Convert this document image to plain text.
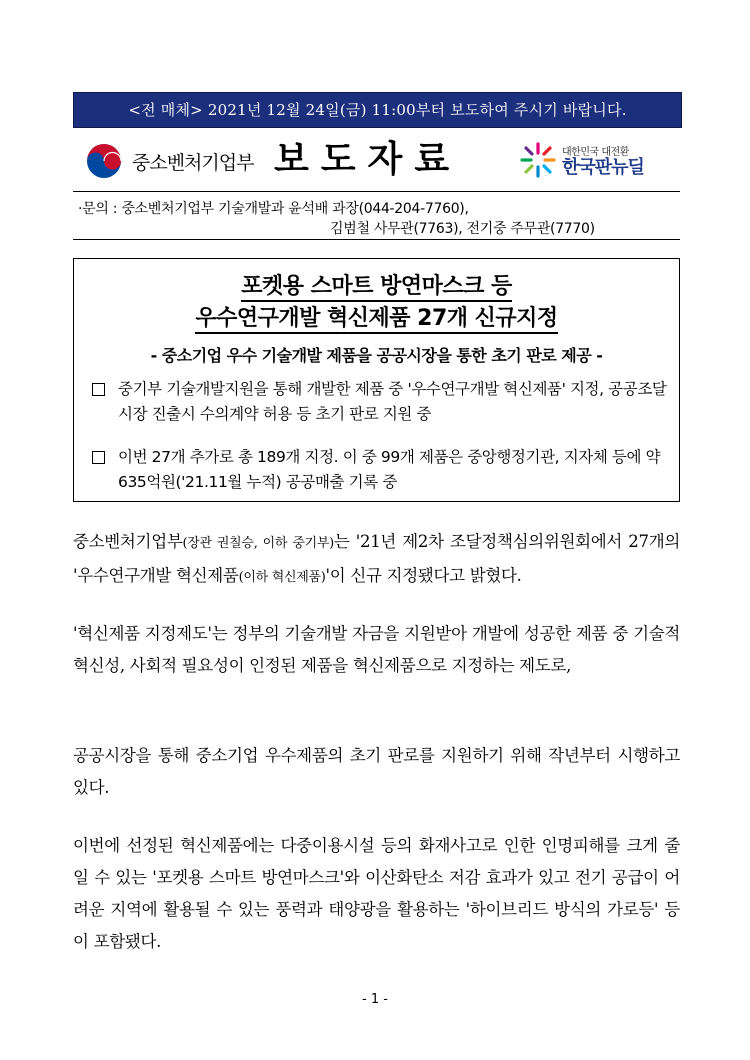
<전 매체> 2021년 12월 24일(금) 11:00부터 보도하여 주시기 바랍니다.
중소벤처기업부 보도자료	대한민국 대전환
한국판뉴딜
·문의 : 중소벤처기업부 기술개발과 윤석배 과장(044-204-7760),
김범철 사무관(7763), 전기중 주무관(7770)
포켓용 스마트 방연마스크 등
우수연구개발 혁신제품 27개 신규지정
- 중소기업 우수 기술개발 제품을 공공시장을 통한 초기 판로 제공 -
중기부 기술개발지원을 통해 개발한 제품 중 '우수연구개발 혁신제품' 지정, 공공조달시장 진출시 수의계약 허용 등 초기 판로 지원 중
이번 27개 추가로 총 189개 지정. 이 중 99개 제품은 중앙행정기관, 지자체 등에 약 635억원('21.11월 누적) 공공매출 기록 중
중소벤처기업부(장관 권칠승, 이하 중기부)는 '21년 제2차 조달정책심의위원회에서 27개의 '우수연구개발 혁신제품(이하 혁신제품)'이 신규 지정됐다고 밝혔다.
'혁신제품 지정제도'는 정부의 기술개발 자금을 지원받아 개발에 성공한 제품 중 기술적 혁신성, 사회적 필요성이 인정된 제품을 혁신제품으로 지정하는 제도로,
공공시장을 통해 중소기업 우수제품의 초기 판로를 지원하기 위해 작년부터 시행하고 있다.
이번에 선정된 혁신제품에는 다중이용시설 등의 화재사고로 인한 인명피해를 크게 줄일 수 있는 '포켓용 스마트 방연마스크'와 이산화탄소 저감 효과가 있고 전기 공급이 어려운 지역에 활용될 수 있는 풍력과 태양광을 활용하는 '하이브리드 방식의 가로등' 등이 포함됐다.
- 1 -
